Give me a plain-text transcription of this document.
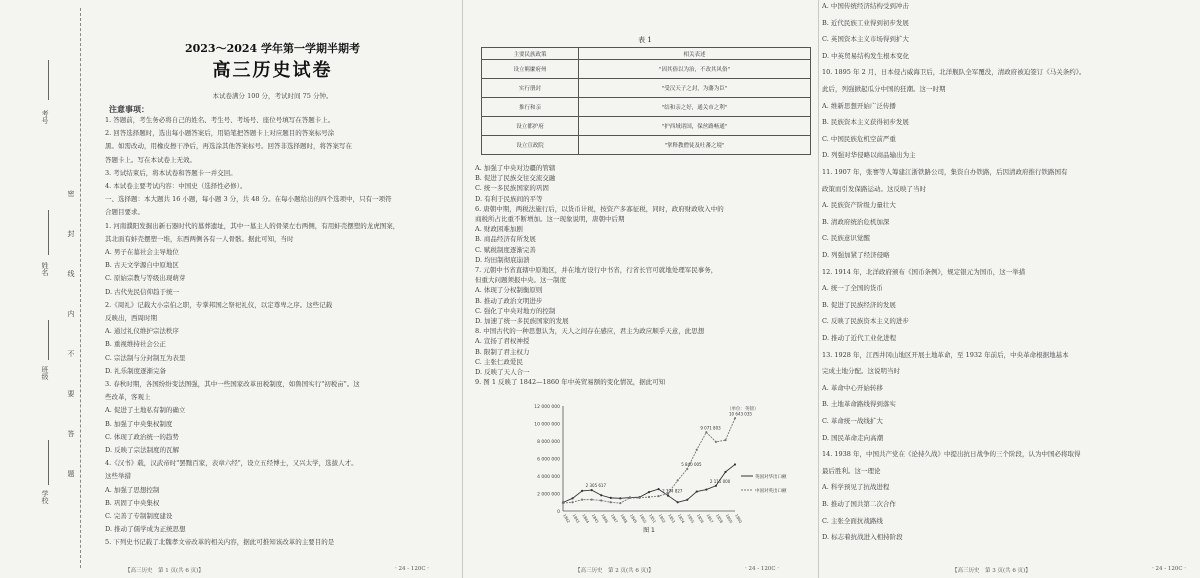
考号
姓名
班级
学校
密
封
线
内
不
要
答
题
2023～2024 学年第一学期半期考
高三历史试卷
本试卷满分 100 分，考试时间 75 分钟。
注意事项：
1. 答题前，考生务必将自己的姓名、考生号、考场号、座位号填写在答题卡上。
2. 回答选择题时，选出每小题答案后，用铅笔把答题卡上对应题目的答案标号涂
黑。如需改动，用橡皮擦干净后，再选涂其他答案标号。回答非选择题时，将答案写在
答题卡上。写在本试卷上无效。
3. 考试结束后，将本试卷和答题卡一并交回。
4. 本试卷主要考试内容：中国史（选择性必修）。
一、选择题：本大题共 16 小题，每小题 3 分，共 48 分。在每小题给出的四个选项中，只有一项符
合题目要求。
1. 河南濮阳发掘出新石器时代的墓葬遗址，其中一墓主人的骨架左右两侧，有用蚌壳摆塑的龙虎图案，
其北面有蚌壳摆塑一堆，东西两侧各有一人骨骸。据此可知，当时
A. 男子在墓社会主导地位
B. 古天文学源自中原地区
C. 原始宗教与等级出现萌芽
D. 古代先民信仰趋于统一
2.《周礼》记载大小宗伯之职，专掌邦国之祭祀礼仪，以定尊卑之序。这些记载
反映出，西周时期
A. 通过礼仪维护宗法秩序
B. 重视维持社会公正
C. 宗法制与分封制互为表里
D. 礼乐制度逐渐完备
3. 春秋时期，各国纷纷变法图强，其中一些国家改革田税制度，如鲁国实行"初税亩"。这
些改革，客观上
A. 促进了土地私有制的确立
B. 加强了中央集权制度
C. 体现了政治统一的趋势
D. 反映了宗法制度的瓦解
4.《汉书》载，汉武帝时"罢黜百家，表章六经"，设立五经博士，又兴太学，选拔人才。
这些举措
A. 加强了思想控制
B. 巩固了中央集权
C. 完善了专制制度建设
D. 推动了儒学成为正统思想
5. 下列史书记载了北魏孝文帝改革的相关内容，据此可推知该改革的主要目的是
【高三历史　第 1 页(共 6 页)】	· 24 - 120C ·
表 1
主要民族政策	相关表述
设立羁縻府州	"因其俗以为治，不改其风俗"
实行册封	"受汉天子之封，为藩为臣"
推行和亲	"结和亲之好，通关市之利"
设立都护府	"护西域诸国，保丝路畅通"
设立宣政院	"掌释教僧徒及吐蕃之境"
A. 加强了中央对边疆的管辖
B. 促进了民族交往交流交融
C. 统一多民族国家的巩固
D. 有利于民族间的平等
6. 唐朝中期，两税法施行后，以货币计税，按资产多寡征税，同时，政府财政收入中的
商税所占比重不断增加。这一现象说明，唐朝中后期
A. 财政困难加剧
B. 商品经济有所发展
C. 赋税制度逐渐完善
D. 均田制彻底崩溃
7. 元朝中书省直辖中原地区，并在地方设行中书省，行省长官可就地处理军民事务，
但重大问题须报中央。这一制度
A. 体现了分权制衡原则
B. 推动了政治文明进步
C. 强化了中央对地方的控制
D. 加速了统一多民族国家的发展
8. 中国古代的一种思想认为，天人之间存在感应，君主为政应顺乎天意，此思想
A. 宣扬了君权神授
B. 限制了君主权力
C. 主张仁政爱民
D. 反映了天人合一
9. 图 1 反映了 1842—1860 年中英贸易额的变化情况，据此可知
12 000 000
10 000 000
8 000 000
6 000 000
4 000 000
2 000 000
0
1842 1843 1844 1845 1846 1847 1848 1849 1850 1851 1852 1853 1854 1855 1856 1857 1858 1859 1860
英国对华出口额
中国对英出口额
2 305 617
5 840 005
2 394 827
9 071 803
2 115 000
10 643 035
（单位：英镑）
图 1
【高三历史　第 2 页(共 6 页)】	· 24 - 120C ·
A. 中国传统经济结构受到冲击
B. 近代民族工业得到初步发展
C. 英国资本主义市场得到扩大
D. 中英贸易结构发生根本变化
10. 1895 年 2 月，日本侵占威海卫后，北洋舰队全军覆没，清政府被迫签订《马关条约》。
此后，列强掀起瓜分中国的狂潮。这一时期
A. 维新思想开始广泛传播
B. 民族资本主义获得初步发展
C. 中国民族危机空前严重
D. 列强对华侵略以商品输出为主
11. 1907 年，张謇等人筹建江浙铁路公司，集资自办铁路，后因清政府推行铁路国有
政策而引发保路运动。这反映了当时
A. 民族资产阶级力量壮大
B. 清政府统治危机加深
C. 民族意识觉醒
D. 列强加紧了经济侵略
12. 1914 年，北洋政府颁布《国币条例》，规定银元为国币，这一举措
A. 统一了全国的货币
B. 促进了民族经济的发展
C. 反映了民族资本主义的进步
D. 推动了近代工业化进程
13. 1928 年，江西井冈山地区开展土地革命，至 1932 年前后，中央革命根据地基本
完成土地分配。这说明当时
A. 革命中心开始转移
B. 土地革命路线得到落实
C. 革命统一战线扩大
D. 国民革命走向高潮
14. 1938 年，中国共产党在《论持久战》中提出抗日战争的三个阶段，认为中国必将取得
最后胜利。这一理论
A. 科学预见了抗战进程
B. 推动了国共第二次合作
C. 主张全面抗战路线
D. 标志着抗战进入相持阶段
【高三历史　第 3 页(共 6 页)】	· 24 - 120C ·
